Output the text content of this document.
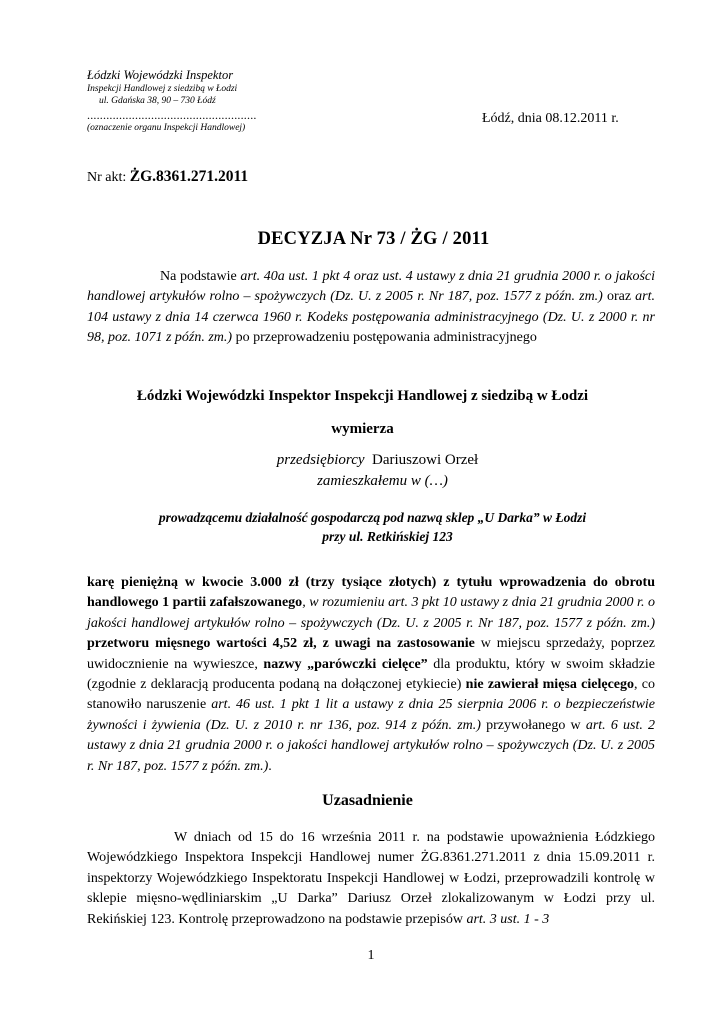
Łódzki Wojewódzki Inspektor
Inspekcji Handlowej z siedzibą w Łodzi
ul. Gdańska 38, 90 – 730 Łódź
.....................................................
(oznaczenie organu Inspekcji Handlowej)
Łódź, dnia 08.12.2011 r.
Nr akt: ŻG.8361.271.2011
DECYZJA Nr 73 / ŻG / 2011

Na podstawie art. 40a ust. 1 pkt 4 oraz ust. 4 ustawy z dnia 21 grudnia 2000 r. o jakości handlowej artykułów rolno – spożywczych (Dz. U. z 2005 r. Nr 187, poz. 1577 z późn. zm.) oraz art. 104 ustawy z dnia 14 czerwca 1960 r. Kodeks postępowania administracyjnego (Dz. U. z 2000 r. nr 98, poz. 1071 z późn. zm.) po przeprowadzeniu postępowania administracyjnego

Łódzki Wojewódzki Inspektor Inspekcji Handlowej z siedzibą w Łodzi
wymierza
przedsiębiorcy  Dariuszowi Orzeł
zamieszkałemu w (…)
prowadzącemu działalność gospodarczą pod nazwą sklep „U Darka” w Łodzi
przy ul. Retkińskiej 123

karę pieniężną w kwocie 3.000 zł (trzy tysiące złotych) z tytułu wprowadzenia do obrotu handlowego 1 partii zafałszowanego, w rozumieniu art. 3 pkt 10 ustawy z dnia 21 grudnia 2000 r. o jakości handlowej artykułów rolno – spożywczych (Dz. U. z 2005 r. Nr 187, poz. 1577 z późn. zm.) przetworu mięsnego wartości 4,52 zł, z uwagi na zastosowanie w miejscu sprzedaży, poprzez uwidocznienie na wywieszce, nazwy „parówczki cielęce” dla produktu, który w swoim składzie (zgodnie z deklaracją producenta podaną na dołączonej etykiecie) nie zawierał mięsa cielęcego, co stanowiło naruszenie art. 46 ust. 1 pkt 1 lit a ustawy z dnia 25 sierpnia 2006 r. o bezpieczeństwie żywności i żywienia (Dz. U. z 2010 r. nr 136, poz. 914 z późn. zm.) przywołanego w art. 6 ust. 2 ustawy z dnia 21 grudnia 2000 r. o jakości handlowej artykułów rolno – spożywczych (Dz. U. z 2005 r. Nr 187, poz. 1577 z późn. zm.).

Uzasadnienie

W dniach od 15 do 16 września 2011 r. na podstawie upoważnienia Łódzkiego Wojewódzkiego Inspektora Inspekcji Handlowej numer ŻG.8361.271.2011 z dnia 15.09.2011 r. inspektorzy Wojewódzkiego Inspektoratu Inspekcji Handlowej w Łodzi, przeprowadzili kontrolę w sklepie mięsno-wędliniarskim „U Darka” Dariusz Orzeł zlokalizowanym w Łodzi przy ul. Rekińskiej 123. Kontrolę przeprowadzono na podstawie przepisów art. 3 ust. 1 - 3

1
